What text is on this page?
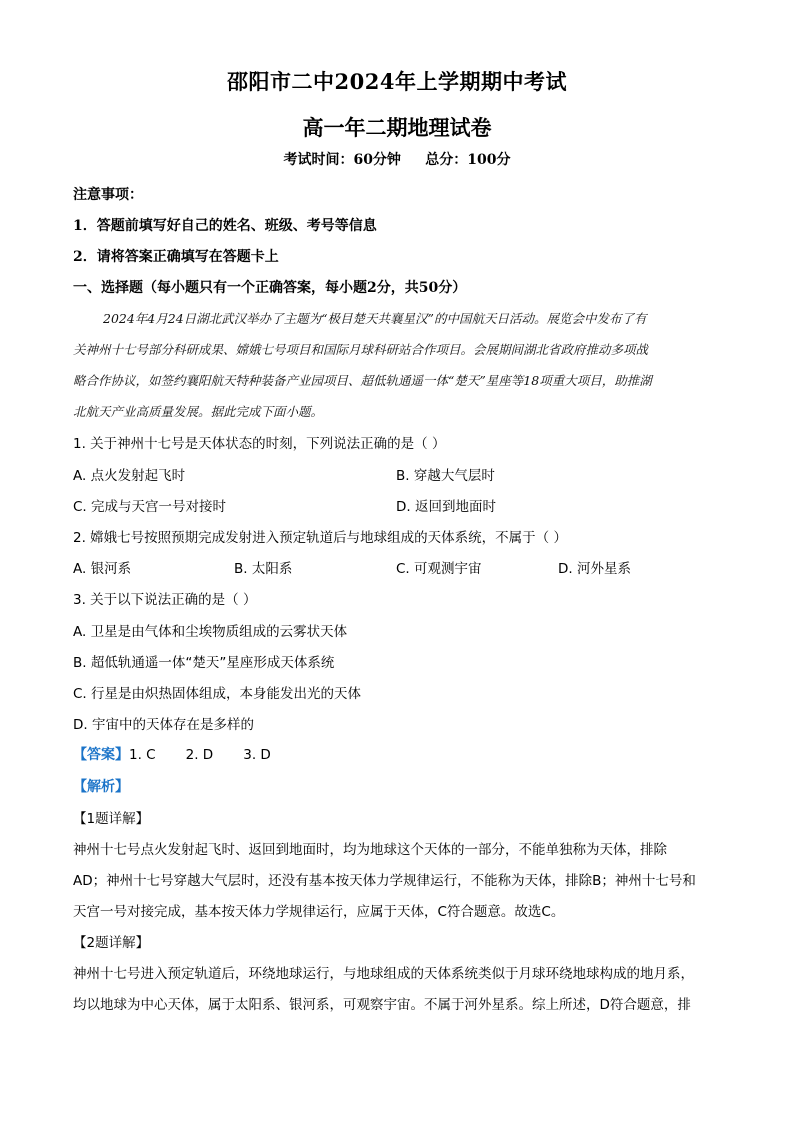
邵阳市二中2024年上学期期中考试
高一年二期地理试卷
考试时间：60分钟     总分：100分
注意事项：
1．答题前填写好自己的姓名、班级、考号等信息
2．请将答案正确填写在答题卡上
一、选择题（每小题只有一个正确答案，每小题2分，共50分）
2024年4月24日湖北武汉举办了主题为“极目楚天共襄星汉”的中国航天日活动。展览会中发布了有
关神州十七号部分科研成果、嫦娥七号项目和国际月球科研站合作项目。会展期间湖北省政府推动多项战
略合作协议，如签约襄阳航天特种装备产业园项目、超低轨通遥一体“楚天”星座等18项重大项目，助推湖
北航天产业高质量发展。据此完成下面小题。
1. 关于神州十七号是天体状态的时刻，下列说法正确的是（ ）
A. 点火发射起飞时	B. 穿越大气层时
C. 完成与天宫一号对接时	D. 返回到地面时
2. 嫦娥七号按照预期完成发射进入预定轨道后与地球组成的天体系统，不属于（ ）
A. 银河系	B. 太阳系	C. 可观测宇宙	D. 河外星系
3. 关于以下说法正确的是（ ）
A. 卫星是由气体和尘埃物质组成的云雾状天体
B. 超低轨通遥一体“楚天”星座形成天体系统
C. 行星是由炽热固体组成，本身能发出光的天体
D. 宇宙中的天体存在是多样的
【答案】1. C       2. D       3. D
【解析】
【1题详解】
神州十七号点火发射起飞时、返回到地面时，均为地球这个天体的一部分，不能单独称为天体，排除
AD；神州十七号穿越大气层时，还没有基本按天体力学规律运行，不能称为天体，排除B；神州十七号和
天宫一号对接完成，基本按天体力学规律运行，应属于天体，C符合题意。故选C。
【2题详解】
神州十七号进入预定轨道后，环绕地球运行，与地球组成的天体系统类似于月球环绕地球构成的地月系，
均以地球为中心天体，属于太阳系、银河系，可观察宇宙。不属于河外星系。综上所述，D符合题意，排
